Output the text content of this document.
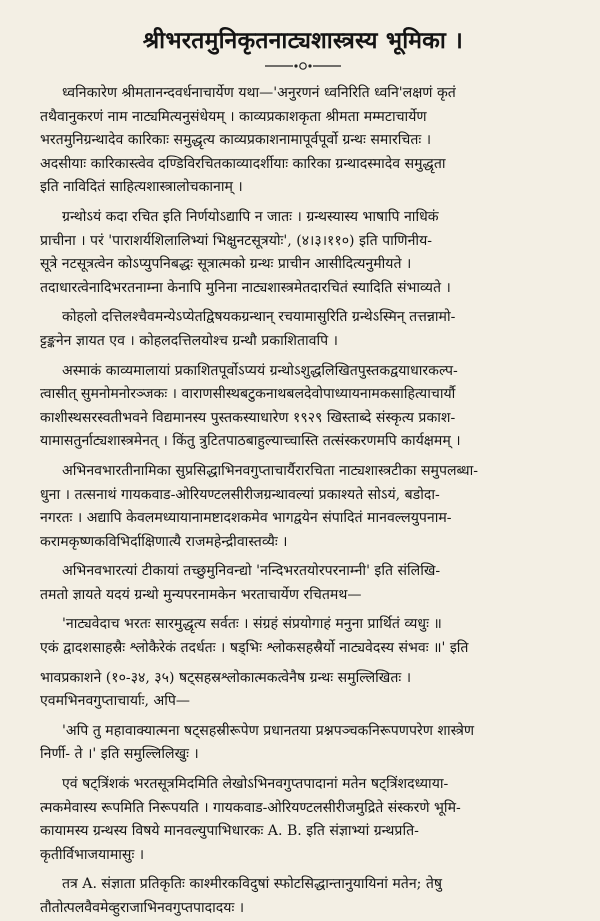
श्रीभरतमुनिकृतनाट्यशास्त्रस्य भूमिका ।
ध्वनिकारेण श्रीमतानन्दवर्धनाचार्येण यथा—'अनुरणनं ध्वनिरिति ध्वनि'लक्षणं कृतं
तथैवानुकरणं नाम नाट्यमित्यनुसंधेयम् । काव्यप्रकाशकृता श्रीमता मम्मटाचार्येण
भरतमुनिग्रन्थादेव कारिकाः समुद्धृत्य काव्यप्रकाशनामापूर्वपूर्वो ग्रन्थः समारचितः ।
अदसीयाः कारिकास्त्वेव दण्डिविरचितकाव्यादर्शीयाः कारिका ग्रन्थादस्मादेव समुद्धृता
इति नाविदितं साहित्यशास्त्रालोचकानाम् ।
ग्रन्थोऽयं कदा रचित इति निर्णयोऽद्यापि न जातः । ग्रन्थस्यास्य भाषापि नाधिकं
प्राचीना । परं 'पाराशर्यशिलालिभ्यां भिक्षुनटसूत्रयोः', (४।३।११०) इति पाणिनीय-
सूत्रे नटसूत्रत्वेन कोऽप्युपनिबद्धः सूत्रात्मको ग्रन्थः प्राचीन आसीदित्यनुमीयते ।
तदाधारत्वेनादिभरतनाम्ना केनापि मुनिना नाट्यशास्त्रमेतदारचितं स्यादिति संभाव्यते ।
कोहलो दत्तिलश्चैवमन्येऽप्येतद्विषयकग्रन्थान् रचयामासुरिति ग्रन्थेऽस्मिन् तत्तन्नामो-
ट्टङ्कनेन ज्ञायत एव । कोहलदत्तिलयोश्च ग्रन्थौ प्रकाशितावपि ।
अस्माकं काव्यमालायां प्रकाशितपूर्वोऽप्ययं ग्रन्थोऽशुद्धलिखितपुस्तकद्वयाधारकल्प-
त्वासीत् सुमनोमनोरञ्जकः । वाराणसीस्थबटुकनाथबलदेवोपाध्यायनामकसाहित्याचार्यौ
काशीस्थसरस्वतीभवने विद्यमानस्य पुस्तकस्याधारेण १९२९ खिस्ताब्दे संस्कृत्य प्रकाश-
यामासतुर्नाट्यशास्त्रमेनत् । किंतु त्रुटितपाठबाहुल्याच्चास्ति तत्संस्करणमपि कार्यक्षमम् ।
अभिनवभारतीनामिका सुप्रसिद्धाभिनवगुप्ताचार्यैरारचिता नाट्यशास्त्रटीका समुपलब्धा-
धुना । तत्सनाथं गायकवाड-ओरियण्टलसीरीजग्रन्थावल्यां प्रकाश्यते सोऽयं, बडोदा-
नगरतः । अद्यापि केवलमध्यायानामष्टादशकमेव भागद्वयेन संपादितं मानवल्लयुपनाम-
करामकृष्णकविभिर्दाक्षिणात्यै राजमहेन्द्रीवास्तव्यैः ।
अभिनवभारत्यां टीकायां तच्छुमुनिवन्द्यो 'नन्दिभरतयोरपरनाम्नी' इति संलिखि-
तमतो ज्ञायते यदयं ग्रन्थो मुन्यपरनामकेन भरताचार्येण रचितमथ—
'नाट्यवेदाच भरतः सारमुद्धृत्य सर्वतः । संग्रहं संप्रयोगाहं मनुना प्रार्थितं व्यधुः ॥
एकं द्वादशसाहस्रैः श्लोकैरेकं तदर्धतः । षड्भिः श्लोकसहस्रैर्यो नाट्यवेदस्य संभवः ॥' इति
भावप्रकाशने (१०-३४, ३५) षट्सहस्रश्लोकात्मकत्वेनैष ग्रन्थः समुल्लिखितः ।
एवमभिनवगुप्ताचार्याः, अपि—
'अपि तु महावाक्यात्मना षट्सहस्रीरूपेण प्रधानतया प्रश्नपञ्चकनिरूपणपरेण शास्त्रेण
निर्णी- ते ।' इति समुल्लिलिखुः ।
एवं षट्त्रिंशकं भरतसूत्रमिदमिति लेखोऽभिनवगुप्तपादानां मतेन षट्त्रिंशदध्याया-
त्मकमेवास्य रूपमिति निरूपयति । गायकवाड-ओरियण्टलसीरीजमुद्रिते संस्करणे भूमि-
कायामस्य ग्रन्थस्य विषये मानवल्युपाभिधारकः A. B. इति संज्ञाभ्यां ग्रन्थप्रति-
कृतीर्विभाजयामासुः ।
तत्र A. संज्ञाता प्रतिकृतिः काश्मीरकविदुषां स्फोटसिद्धान्तानुयायिनां मतेन; तेषु
तौतोत्पलवैवमेव्हुराजाभिनवगुप्तपादादयः ।
